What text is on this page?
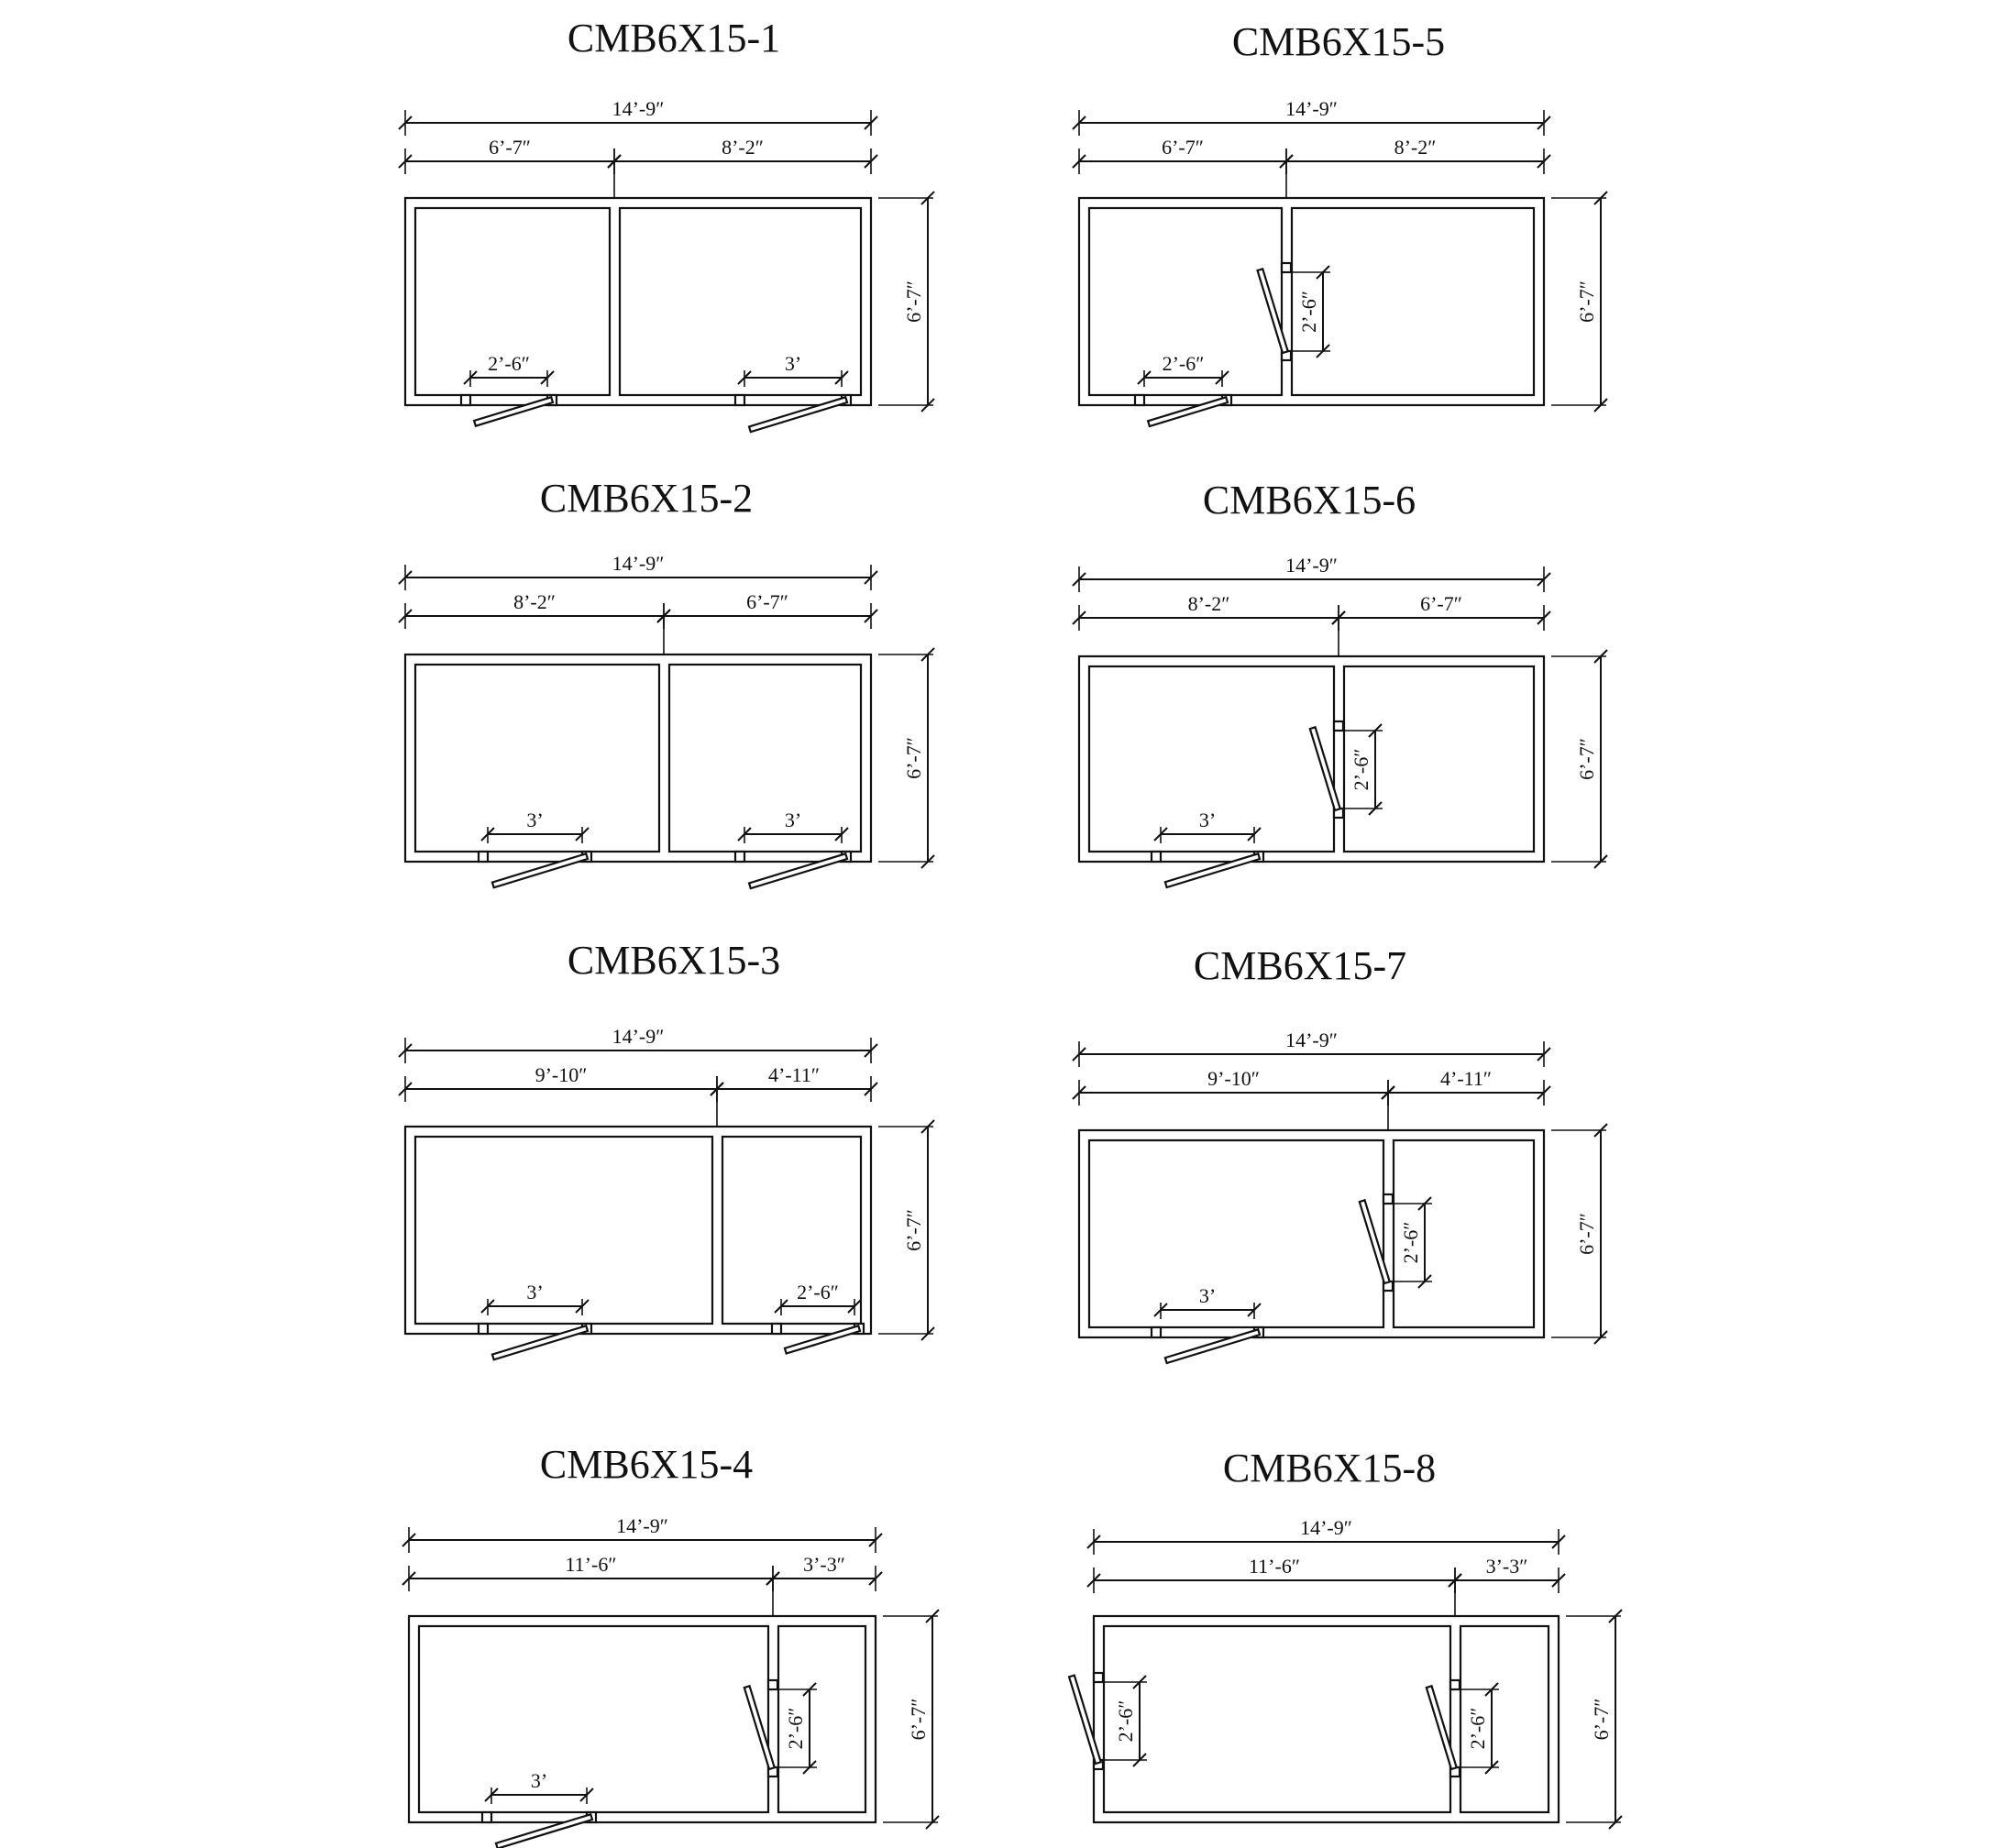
CMB6X15-1
14’-9″
6’-7″	8’-2″
6’-7″
2’-6″	3’
CMB6X15-2
14’-9″
8’-2″	6’-7″
6’-7″
3’	3’
CMB6X15-3
14’-9″
9’-10″	4’-11″
6’-7″
3’	2’-6″
CMB6X15-4
14’-9″
11’-6″	3’-3″
6’-7″
3’
2’-6″
CMB6X15-5
14’-9″
6’-7″	8’-2″
6’-7″
2’-6″
2’-6″
CMB6X15-6
14’-9″
8’-2″	6’-7″
6’-7″
3’
2’-6″
CMB6X15-7
14’-9″
9’-10″	4’-11″
6’-7″
3’
2’-6″
CMB6X15-8
14’-9″
11’-6″	3’-3″
6’-7″
2’-6″	2’-6″
